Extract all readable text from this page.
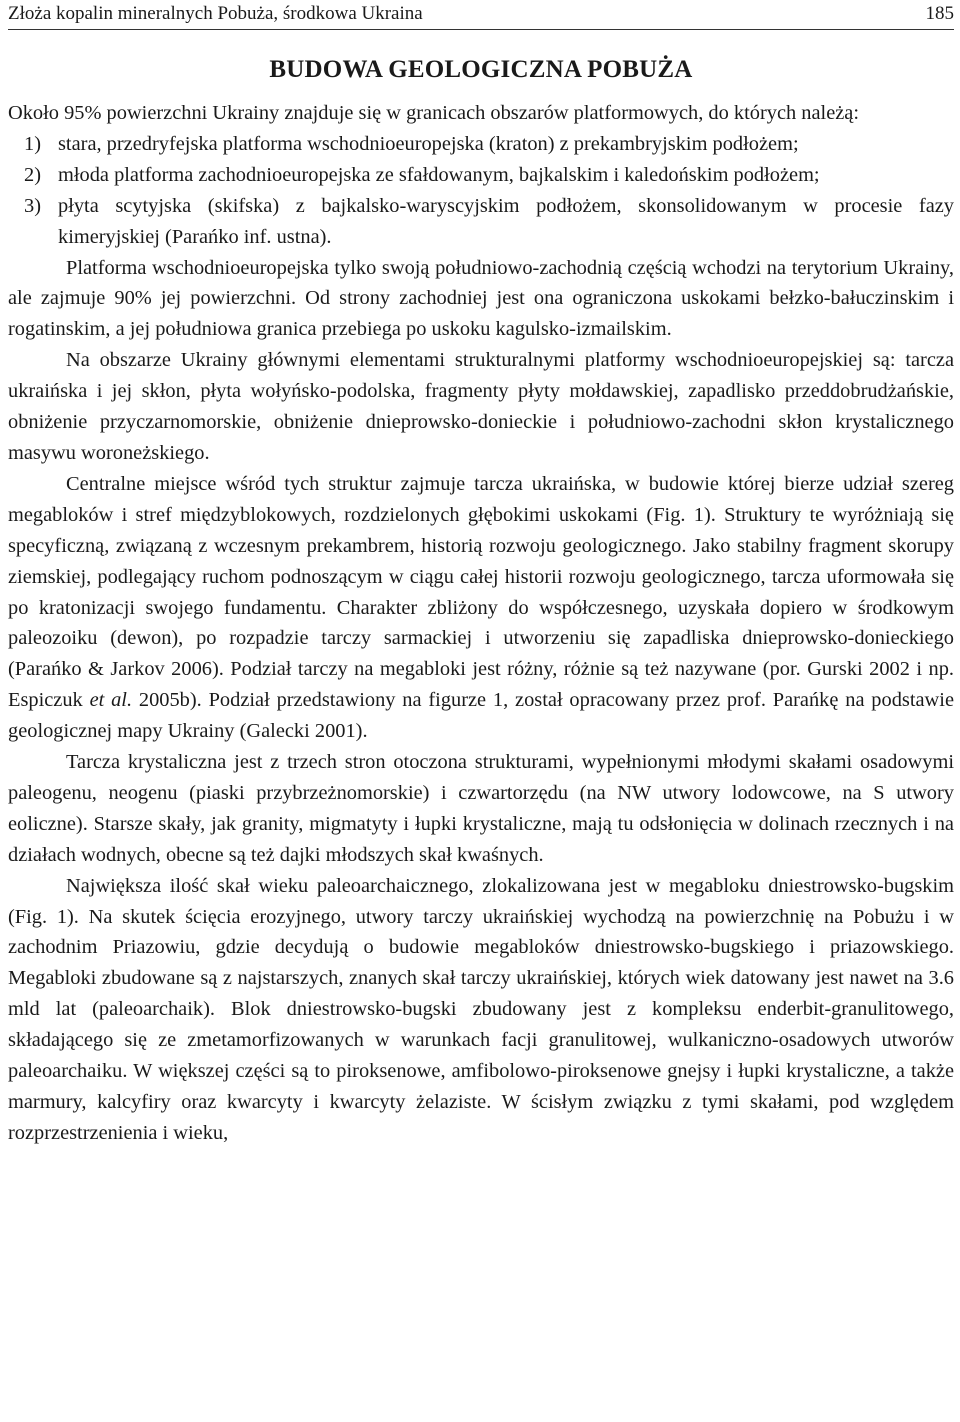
Złoża kopalin mineralnych Pobuża, środkowa Ukraina	185
BUDOWA GEOLOGICZNA POBUŻA

Około 95% powierzchni Ukrainy znajduje się w granicach obszarów platformowych, do których należą:

1) stara, przedryfejska platforma wschodnioeuropejska (kraton) z prekambryjskim podłożem;
2) młoda platforma zachodnioeuropejska ze sfałdowanym, bajkalskim i kaledońskim podłożem;
3) płyta scytyjska (skifska) z bajkalsko-waryscyjskim podłożem, skonsolidowanym w procesie fazy kimeryjskiej (Parańko inf. ustna).

Platforma wschodnioeuropejska tylko swoją południowo-zachodnią częścią wchodzi na terytorium Ukrainy, ale zajmuje 90% jej powierzchni. Od strony zachodniej jest ona ograniczona uskokami bełzko-bałuczinskim i rogatinskim, a jej południowa granica przebiega po uskoku kagulsko-izmailskim.

Na obszarze Ukrainy głównymi elementami strukturalnymi platformy wschodnioeuropejskiej są: tarcza ukraińska i jej skłon, płyta wołyńsko-podolska, fragmenty płyty mołdawskiej, zapadlisko przeddobrudżańskie, obniżenie przyczarnomorskie, obniżenie dnieprowsko-donieckie i południowo-zachodni skłon krystalicznego masywu woroneżskiego.

Centralne miejsce wśród tych struktur zajmuje tarcza ukraińska, w budowie której bierze udział szereg megabloków i stref międzyblokowych, rozdzielonych głębokimi uskokami (Fig. 1). Struktury te wyróżniają się specyficzną, związaną z wczesnym prekambrem, historią rozwoju geologicznego. Jako stabilny fragment skorupy ziemskiej, podlegający ruchom podnoszącym w ciągu całej historii rozwoju geologicznego, tarcza uformowała się po kratonizacji swojego fundamentu. Charakter zbliżony do współczesnego, uzyskała dopiero w środkowym paleozoiku (dewon), po rozpadzie tarczy sarmackiej i utworzeniu się zapadliska dnieprowsko-donieckiego (Parańko & Jarkov 2006). Podział tarczy na megabloki jest różny, różnie są też nazywane (por. Gurski 2002 i np. Espiczuk et al. 2005b). Podział przedstawiony na figurze 1, został opracowany przez prof. Parańkę na podstawie geologicznej mapy Ukrainy (Galecki 2001).

Tarcza krystaliczna jest z trzech stron otoczona strukturami, wypełnionymi młodymi skałami osadowymi paleogenu, neogenu (piaski przybrzeżnomorskie) i czwartorzędu (na NW utwory lodowcowe, na S utwory eoliczne). Starsze skały, jak granity, migmatyty i łupki krystaliczne, mają tu odsłonięcia w dolinach rzecznych i na działach wodnych, obecne są też dajki młodszych skał kwaśnych.

Największa ilość skał wieku paleoarchaicznego, zlokalizowana jest w megabloku dniestrowsko-bugskim (Fig. 1). Na skutek ścięcia erozyjnego, utwory tarczy ukraińskiej wychodzą na powierzchnię na Pobużu i w zachodnim Priazowiu, gdzie decydują o budowie megabloków dniestrowsko-bugskiego i priazowskiego. Megabloki zbudowane są z najstarszych, znanych skał tarczy ukraińskiej, których wiek datowany jest nawet na 3.6 mld lat (paleoarchaik). Blok dniestrowsko-bugski zbudowany jest z kompleksu enderbit-granulitowego, składającego się ze zmetamorfizowanych w warunkach facji granulitowej, wulkaniczno-osadowych utworów paleoarchaiku. W większej części są to piroksenowe, amfibolowo-piroksenowe gnejsy i łupki krystaliczne, a także marmury, kalcyfiry oraz kwarcyty i kwarcyty żelaziste. W ścisłym związku z tymi skałami, pod względem rozprzestrzenienia i wieku,
